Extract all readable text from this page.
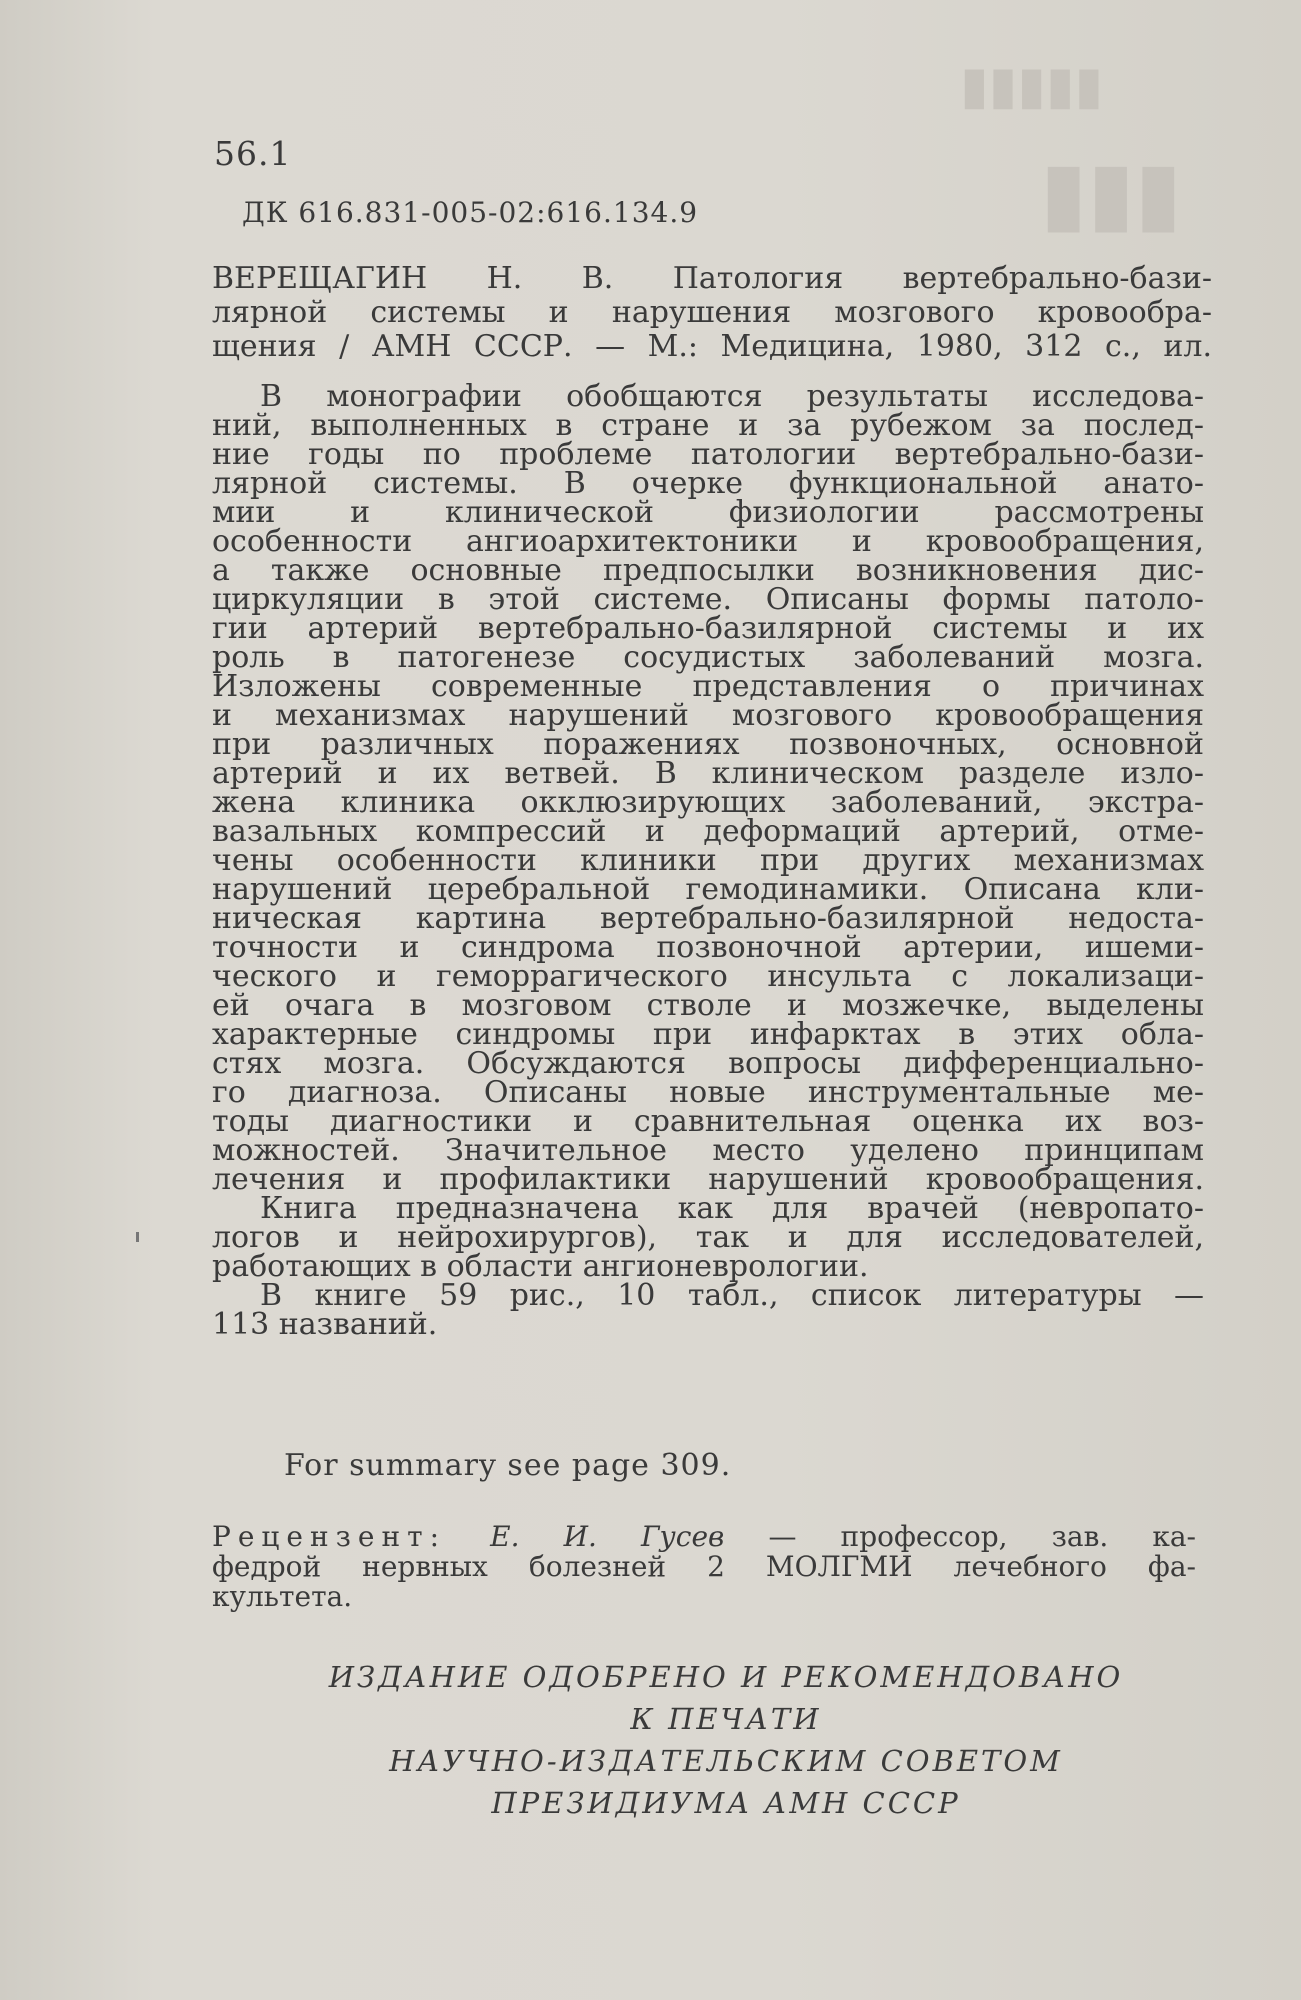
▮▮▮▮▮
▮▮▮
56.1
ДК 616.831-005-02:616.134.9
ВЕРЕЩАГИН Н. В. Патология вертебрально-бази-
лярной системы и нарушения мозгового кровообра-
щения / АМН СССР. — М.: Медицина, 1980, 312 с., ил.
В монографии обобщаются результаты исследова-
ний, выполненных в стране и за рубежом за послед-
ние годы по проблеме патологии вертебрально-бази-
лярной системы. В очерке функциональной анато-
мии и клинической физиологии рассмотрены
особенности ангиоархитектоники и кровообращения,
а также основные предпосылки возникновения дис-
циркуляции в этой системе. Описаны формы патоло-
гии артерий вертебрально-базилярной системы и их
роль в патогенезе сосудистых заболеваний мозга.
Изложены современные представления о причинах
и механизмах нарушений мозгового кровообращения
при различных поражениях позвоночных, основной
артерий и их ветвей. В клиническом разделе изло-
жена клиника окклюзирующих заболеваний, экстра-
вазальных компрессий и деформаций артерий, отме-
чены особенности клиники при других механизмах
нарушений церебральной гемодинамики. Описана кли-
ническая картина вертебрально-базилярной недоста-
точности и синдрома позвоночной артерии, ишеми-
ческого и геморрагического инсульта с локализаци-
ей очага в мозговом стволе и мозжечке, выделены
характерные синдромы при инфарктах в этих обла-
стях мозга. Обсуждаются вопросы дифференциально-
го диагноза. Описаны новые инструментальные ме-
тоды диагностики и сравнительная оценка их воз-
можностей. Значительное место уделено принципам
лечения и профилактики нарушений кровообращения.
Книга предназначена как для врачей (невропато-
логов и нейрохирургов), так и для исследователей,
работающих в области ангионеврологии.
В книге 59 рис., 10 табл., список литературы —
113 названий.
For summary see page 309.
Рецензент: Е. И. Гусев — профессор, зав. ка-
федрой нервных болезней 2 МОЛГМИ лечебного фа-
культета.
ИЗДАНИЕ ОДОБРЕНО И РЕКОМЕНДОВАНО
К ПЕЧАТИ
НАУЧНО-ИЗДАТЕЛЬСКИМ СОВЕТОМ
ПРЕЗИДИУМА АМН СССР
